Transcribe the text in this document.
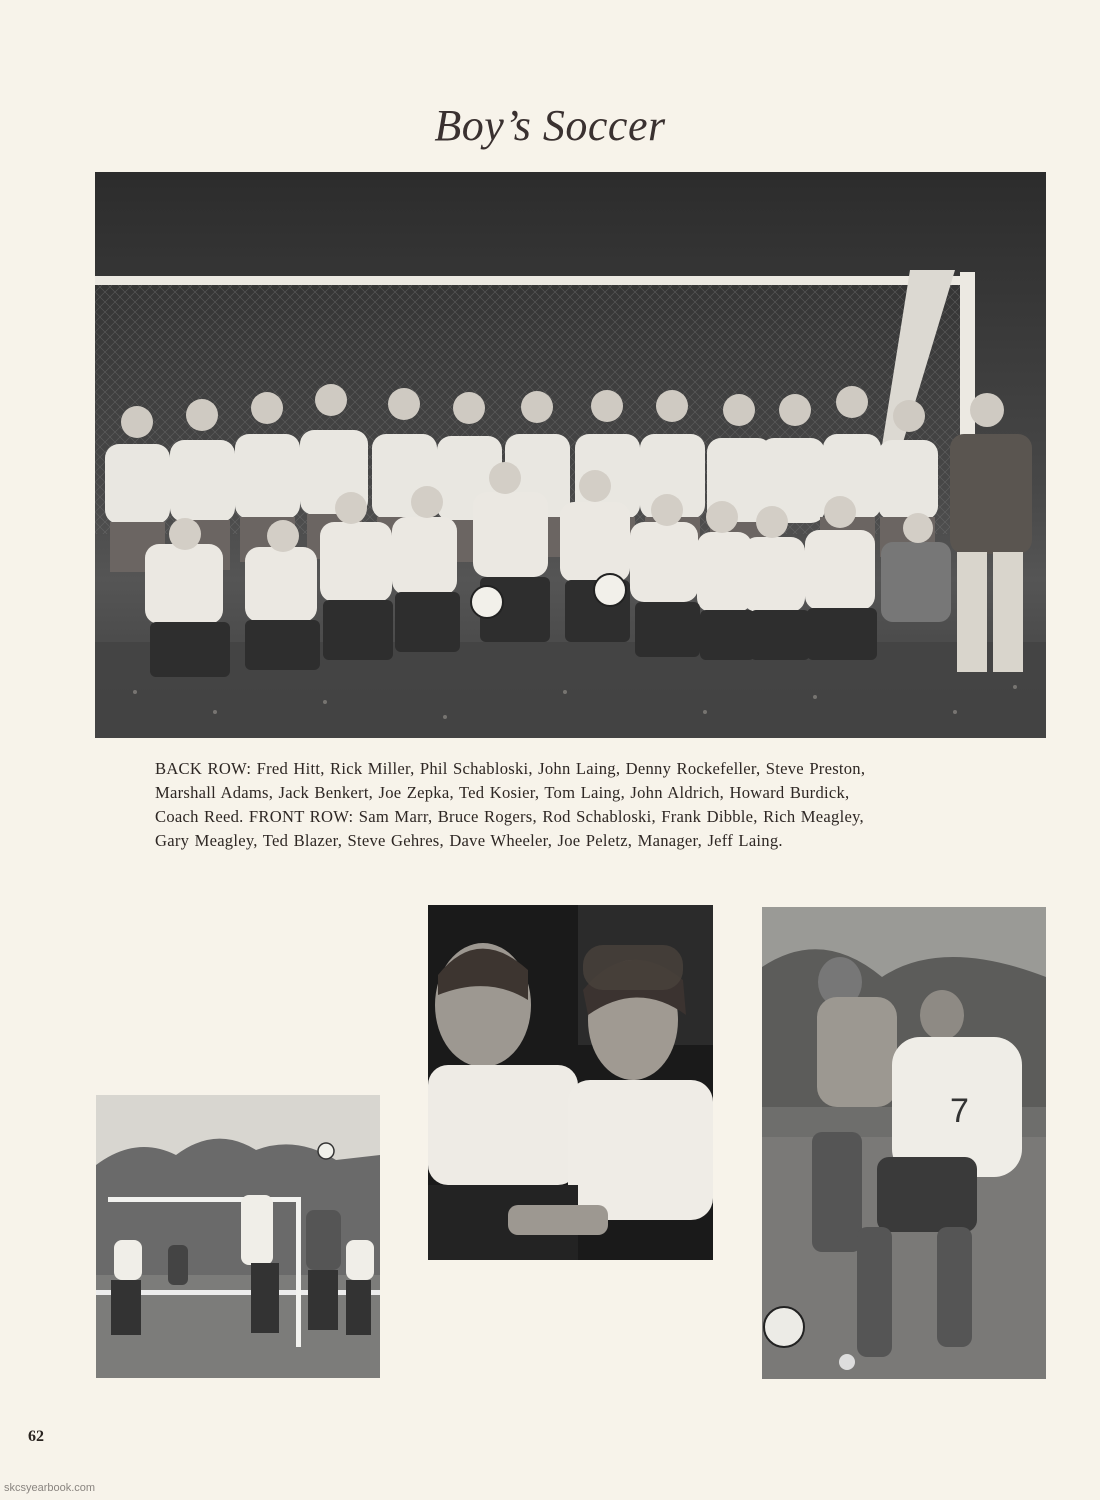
Boy’s Soccer
BACK ROW: Fred Hitt, Rick Miller, Phil Schabloski, John Laing, Denny Rockefeller, Steve Preston,
Marshall Adams, Jack Benkert, Joe Zepka, Ted Kosier, Tom Laing, John Aldrich, Howard Burdick,
Coach Reed. FRONT ROW: Sam Marr, Bruce Rogers, Rod Schabloski, Frank Dibble, Rich Meagley,
Gary Meagley, Ted Blazer, Steve Gehres, Dave Wheeler, Joe Peletz, Manager, Jeff Laing.
7
62
skcsyearbook.com
